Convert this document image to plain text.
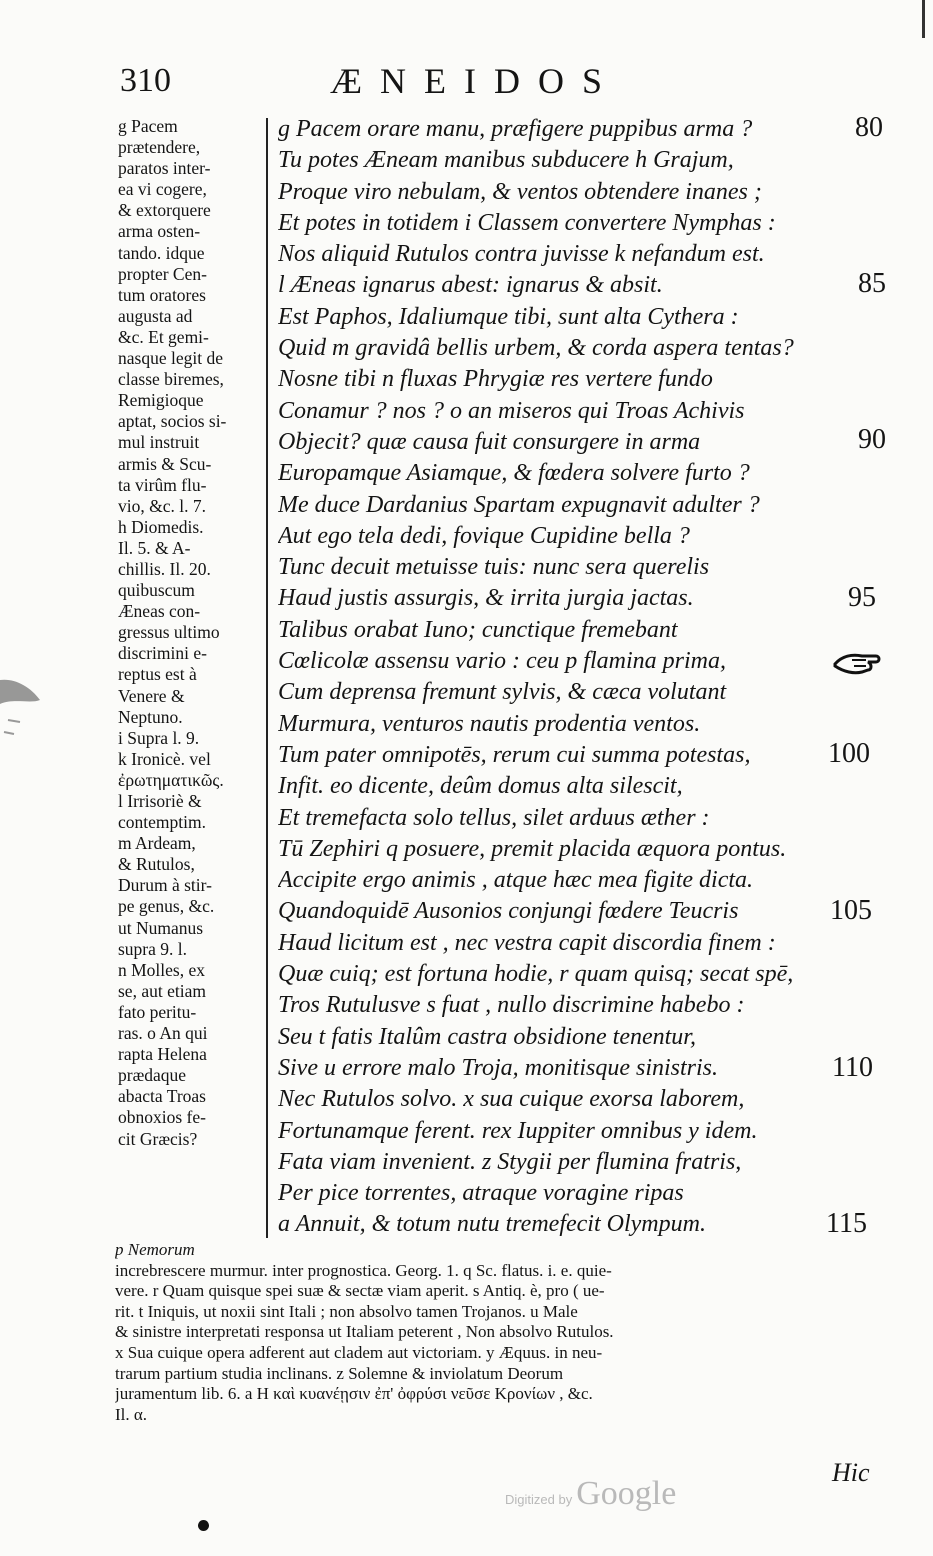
310	ÆNEIDOS
g Pacem
prætendere,
paratos inter-
ea vi cogere,
& extorquere
arma osten-
tando. idque
propter Cen-
tum oratores
augusta ad
&c. Et gemi-
nasque legit de
classe biremes,
Remigioque
aptat, socios si-
mul instruit
armis & Scu-
ta virûm flu-
vio, &c. l. 7.
h Diomedis.
Il. 5. & A-
chillis. Il. 20.
quibuscum
Æneas con-
gressus ultimo
discrimini e-
reptus est à
Venere &
Neptuno.
i Supra l. 9.
k Ironicè. vel
ἐρωτηματικῶς.
l Irrisoriè &
contemptim.
m Ardeam,
& Rutulos,
Durum à stir-
pe genus, &c.
ut Numanus
supra 9. l.
n Molles, ex
se, aut etiam
fato peritu-
ras. o An qui
rapta Helena
prædaque
abacta Troas
obnoxios fe-
cit Græcis?
g Pacem orare manu, præfigere puppibus arma ?
Tu potes Æneam manibus subducere h Grajum,
Proque viro nebulam, & ventos obtendere inanes ;
Et potes in totidem i Classem convertere Nymphas :
Nos aliquid Rutulos contra juvisse k nefandum est.
l Æneas ignarus abest: ignarus & absit.
Est Paphos, Idaliumque tibi, sunt alta Cythera :
Quid m gravidâ bellis urbem, & corda aspera tentas?
Nosne tibi n fluxas Phrygiæ res vertere fundo
Conamur ? nos ? o an miseros qui Troas Achivis
Objecit? quæ causa fuit consurgere in arma
Europamque Asiamque, & fœdera solvere furto ?
Me duce Dardanius Spartam expugnavit adulter ?
Aut ego tela dedi, fovique Cupidine bella ?
Tunc decuit metuisse tuis: nunc sera querelis
Haud justis assurgis, & irrita jurgia jactas.
Talibus orabat Iuno; cunctique fremebant
Cœlicolæ assensu vario : ceu p flamina prima,
Cum deprensa fremunt sylvis, & cæca volutant
Murmura, venturos nautis prodentia ventos.
Tum pater omnipotēs, rerum cui summa potestas,
Infit. eo dicente, deûm domus alta silescit,
Et tremefacta solo tellus, silet arduus æther :
Tū Zephiri q posuere, premit placida æquora pontus.
Accipite ergo animis , atque hæc mea figite dicta.
Quandoquidē Ausonios conjungi fœdere Teucris
Haud licitum est , nec vestra capit discordia finem :
Quæ cuiq; est fortuna hodie, r quam quisq; secat spē,
Tros Rutulusve s fuat , nullo discrimine habebo :
Seu t fatis Italûm castra obsidione tenentur,
Sive u errore malo Troja, monitisque sinistris.
Nec Rutulos solvo. x sua cuique exorsa laborem,
Fortunamque ferent. rex Iuppiter omnibus y idem.
Fata viam invenient. z Stygii per flumina fratris,
Per pice torrentes, atraque voragine ripas
a Annuit, & totum nutu tremefecit Olympum.
80
85
90
95
100
105
110
115
p Nemorum
increbrescere murmur. inter prognostica. Georg. 1. q Sc. flatus. i. e. quie-
vere. r Quam quisque spei suæ & sectæ viam aperit. s Antiq. è, pro ( ue-
rit. t Iniquis, ut noxii sint Itali ; non absolvo tamen Trojanos. u Male
& sinistre interpretati responsa ut Italiam peterent , Non absolvo Rutulos.
x Sua cuique opera adferent aut cladem aut victoriam. y Æquus. in neu-
trarum partium studia inclinans. z Solemne & inviolatum Deorum
juramentum lib. 6. a Η καὶ κυανέῃσιν ἐπ' ὀφρύσι νεῦσε Κρονίων , &c.
Il. α.
Hic
Digitized by Google
